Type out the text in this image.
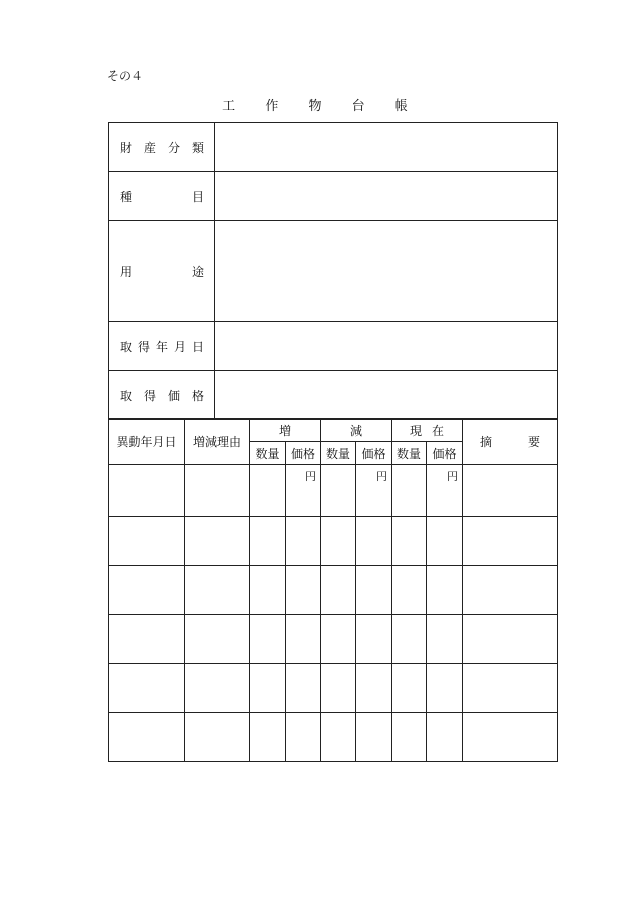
その４
工 作 物 台 帳
財 産 分 類	

種 目	

用 途	

取 得 年 月 日	

取 得 価 格	

異動年月日	増減理由	増		減		現 在		摘 要

		数量	価格	数量	価格	数量	価格	
			円		円		円	
